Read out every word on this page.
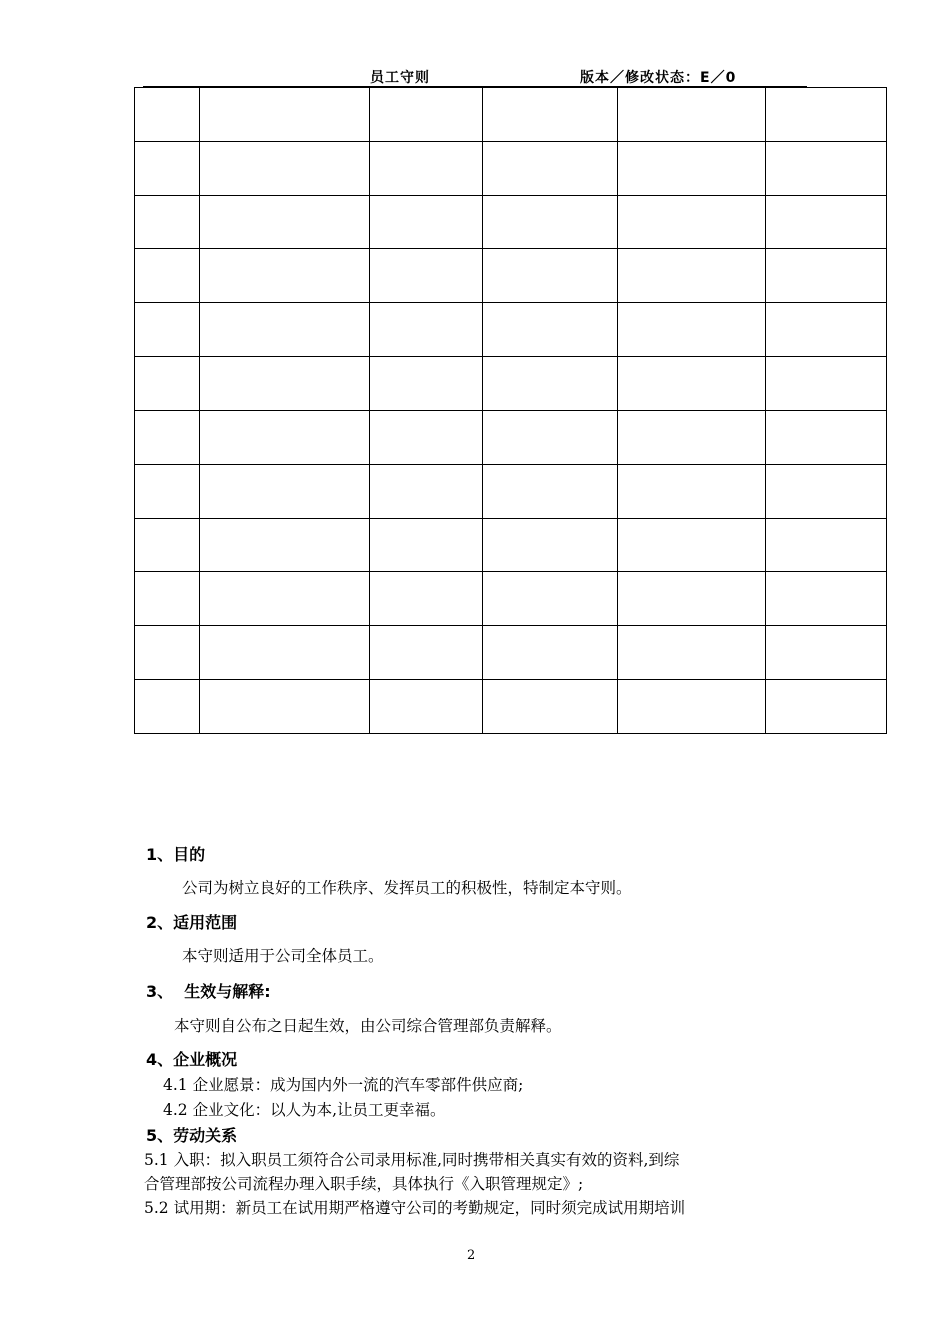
员工守则	版本／修改状态：E／0

1、目的
公司为树立良好的工作秩序、发挥员工的积极性，特制定本守则。
2、适用范围
本守则适用于公司全体员工。
3、  生效与解释:
本守则自公布之日起生效，由公司综合管理部负责解释。
4、企业概况
4.1 企业愿景：成为国内外一流的汽车零部件供应商;
4.2 企业文化：以人为本,让员工更幸福。
5、劳动关系
5.1 入职：拟入职员工须符合公司录用标准,同时携带相关真实有效的资料,到综
合管理部按公司流程办理入职手续，具体执行《入职管理规定》;
5.2 试用期：新员工在试用期严格遵守公司的考勤规定，同时须完成试用期培训
2
